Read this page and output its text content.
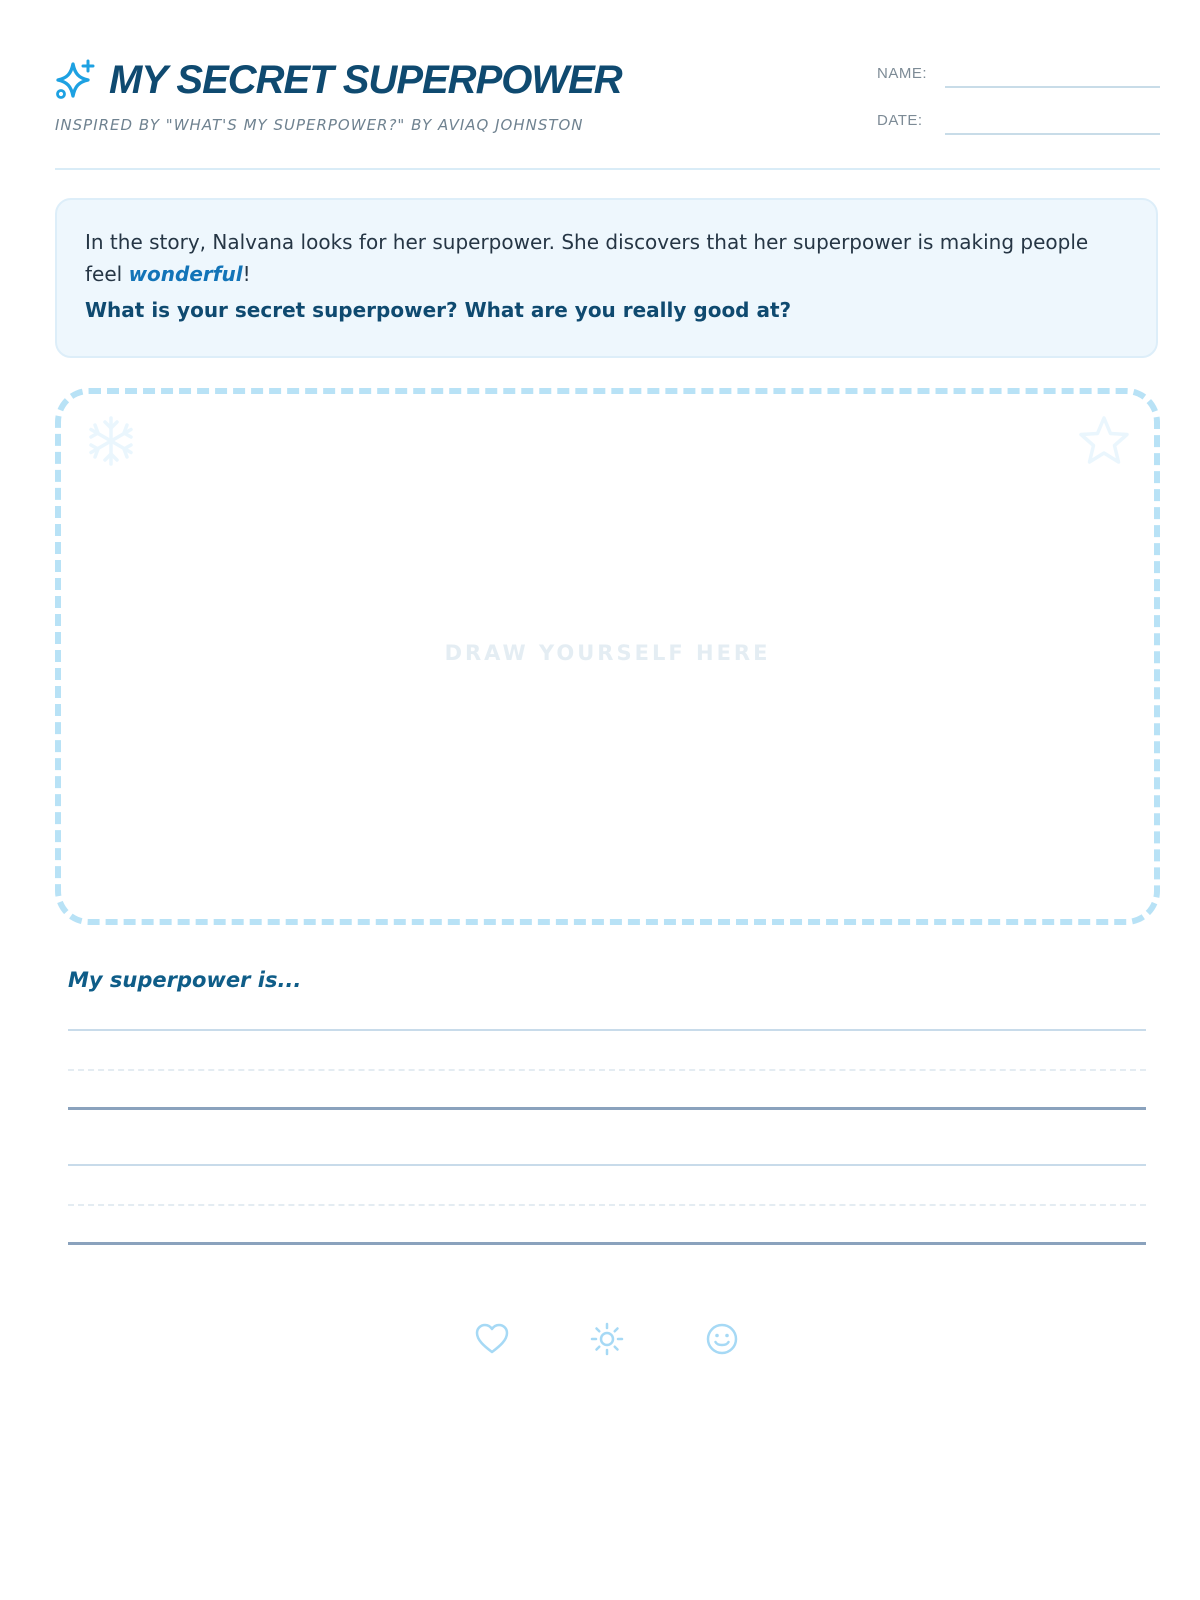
MY SECRET SUPERPOWER
INSPIRED BY "WHAT'S MY SUPERPOWER?" BY AVIAQ JOHNSTON
NAME:
DATE:

In the story, Nalvana looks for her superpower. She discovers that her superpower is making people feel wonderful!

What is your secret superpower? What are you really good at?

DRAW YOURSELF HERE
My superpower is...
